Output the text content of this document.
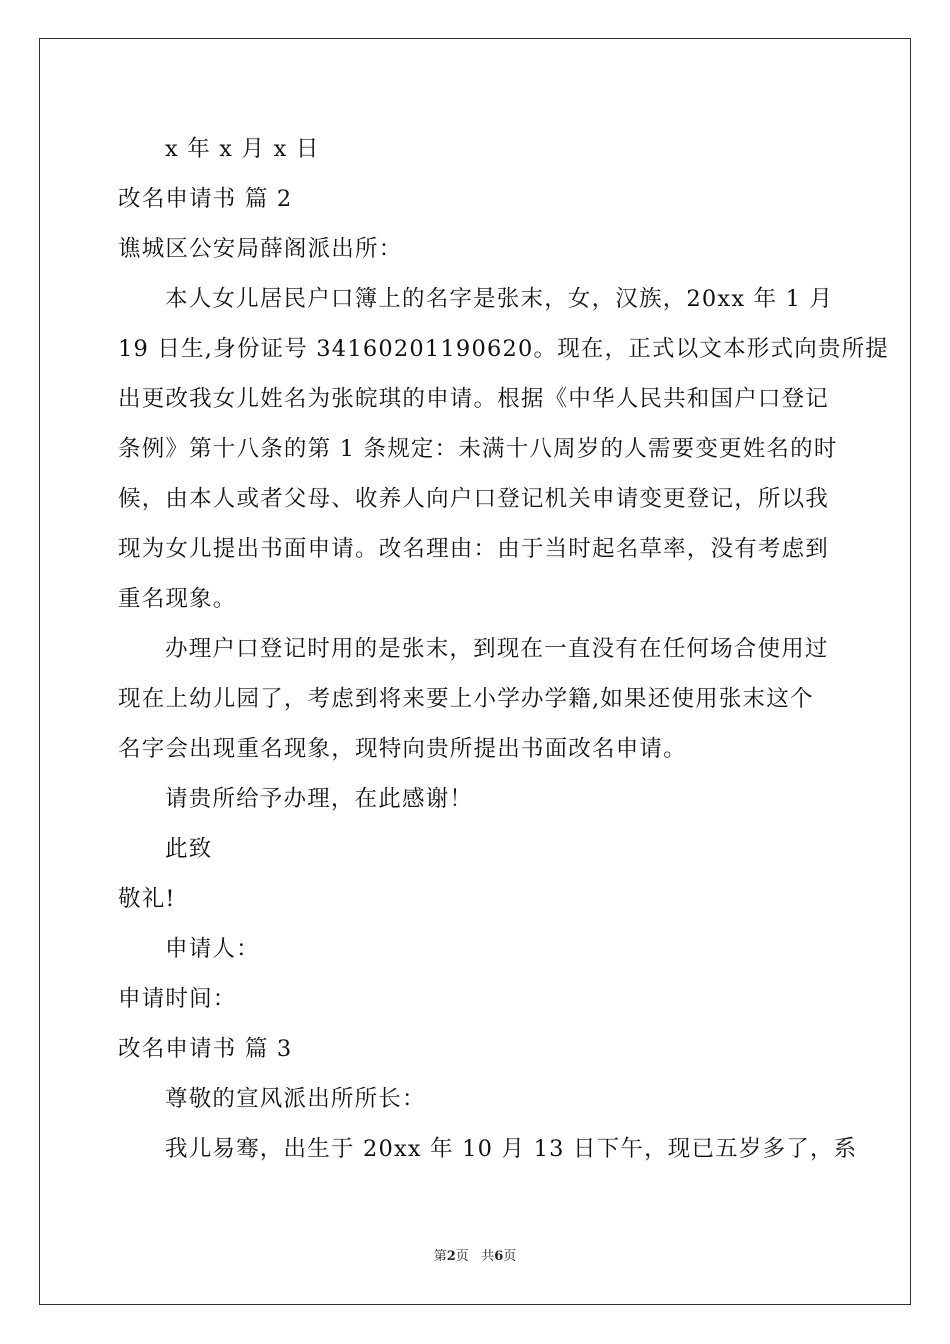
x 年 x 月 x 日
改名申请书 篇 2
谯城区公安局薛阁派出所：
本人女儿居民户口簿上的名字是张末，女，汉族，20xx 年 1 月
19 日生,身份证号 34160201190620。现在，正式以文本形式向贵所提
出更改我女儿姓名为张皖琪的申请。根据《中华人民共和国户口登记
条例》第十八条的第 1 条规定：未满十八周岁的人需要变更姓名的时
候，由本人或者父母、收养人向户口登记机关申请变更登记，所以我
现为女儿提出书面申请。改名理由：由于当时起名草率，没有考虑到
重名现象。
办理户口登记时用的是张末，到现在一直没有在任何场合使用过
现在上幼儿园了，考虑到将来要上小学办学籍,如果还使用张末这个
名字会出现重名现象，现特向贵所提出书面改名申请。
请贵所给予办理，在此感谢！
此致
敬礼!
申请人：
申请时间：
改名申请书 篇 3
尊敬的宣风派出所所长：
我儿易骞，出生于 20xx 年 10 月 13 日下午，现已五岁多了，系
第2页 共6页
